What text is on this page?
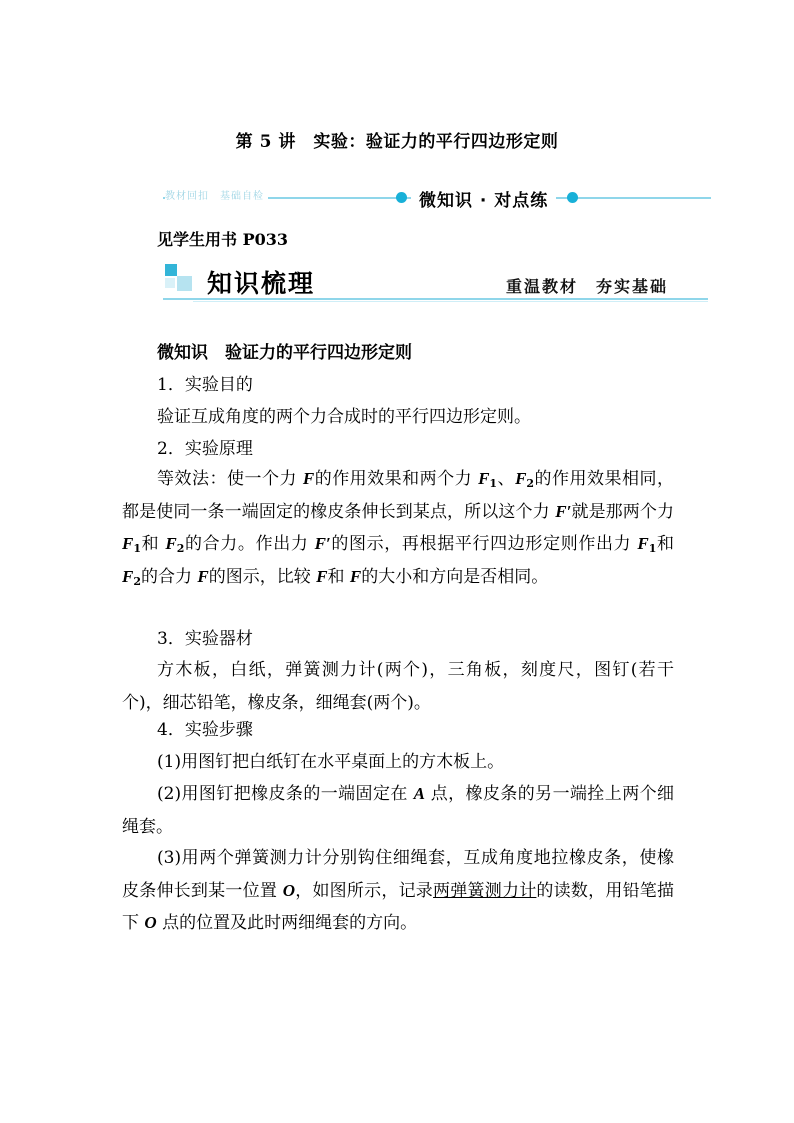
第 5 讲　实验：验证力的平行四边形定则
教材回扣　基础自检	微知识 · 对点练
见学生用书 P033
知识梳理	重温教材　夯实基础
微知识　验证力的平行四边形定则
1．实验目的
验证互成角度的两个力合成时的平行四边形定则。
2．实验原理
等效法：使一个力 F的作用效果和两个力 $F_1$、$F_2$的作用效果相同，都是使同一条一端固定的橡皮条伸长到某点，所以这个力 F′就是那两个力 $F_1$和 $F_2$的合力。作出力 F′的图示，再根据平行四边形定则作出力 $F_1$和 $F_2$的合力 F的图示，比较 F和 F的大小和方向是否相同。
3．实验器材
方木板，白纸，弹簧测力计(两个)，三角板，刻度尺，图钉(若干个)，细芯铅笔，橡皮条，细绳套(两个)。
4．实验步骤
(1)用图钉把白纸钉在水平桌面上的方木板上。
(2)用图钉把橡皮条的一端固定在 A 点，橡皮条的另一端拴上两个细绳套。
(3)用两个弹簧测力计分别钩住细绳套，互成角度地拉橡皮条，使橡皮条伸长到某一位置 O，如图所示，记录两弹簧测力计的读数，用铅笔描下 O 点的位置及此时两细绳套的方向。
